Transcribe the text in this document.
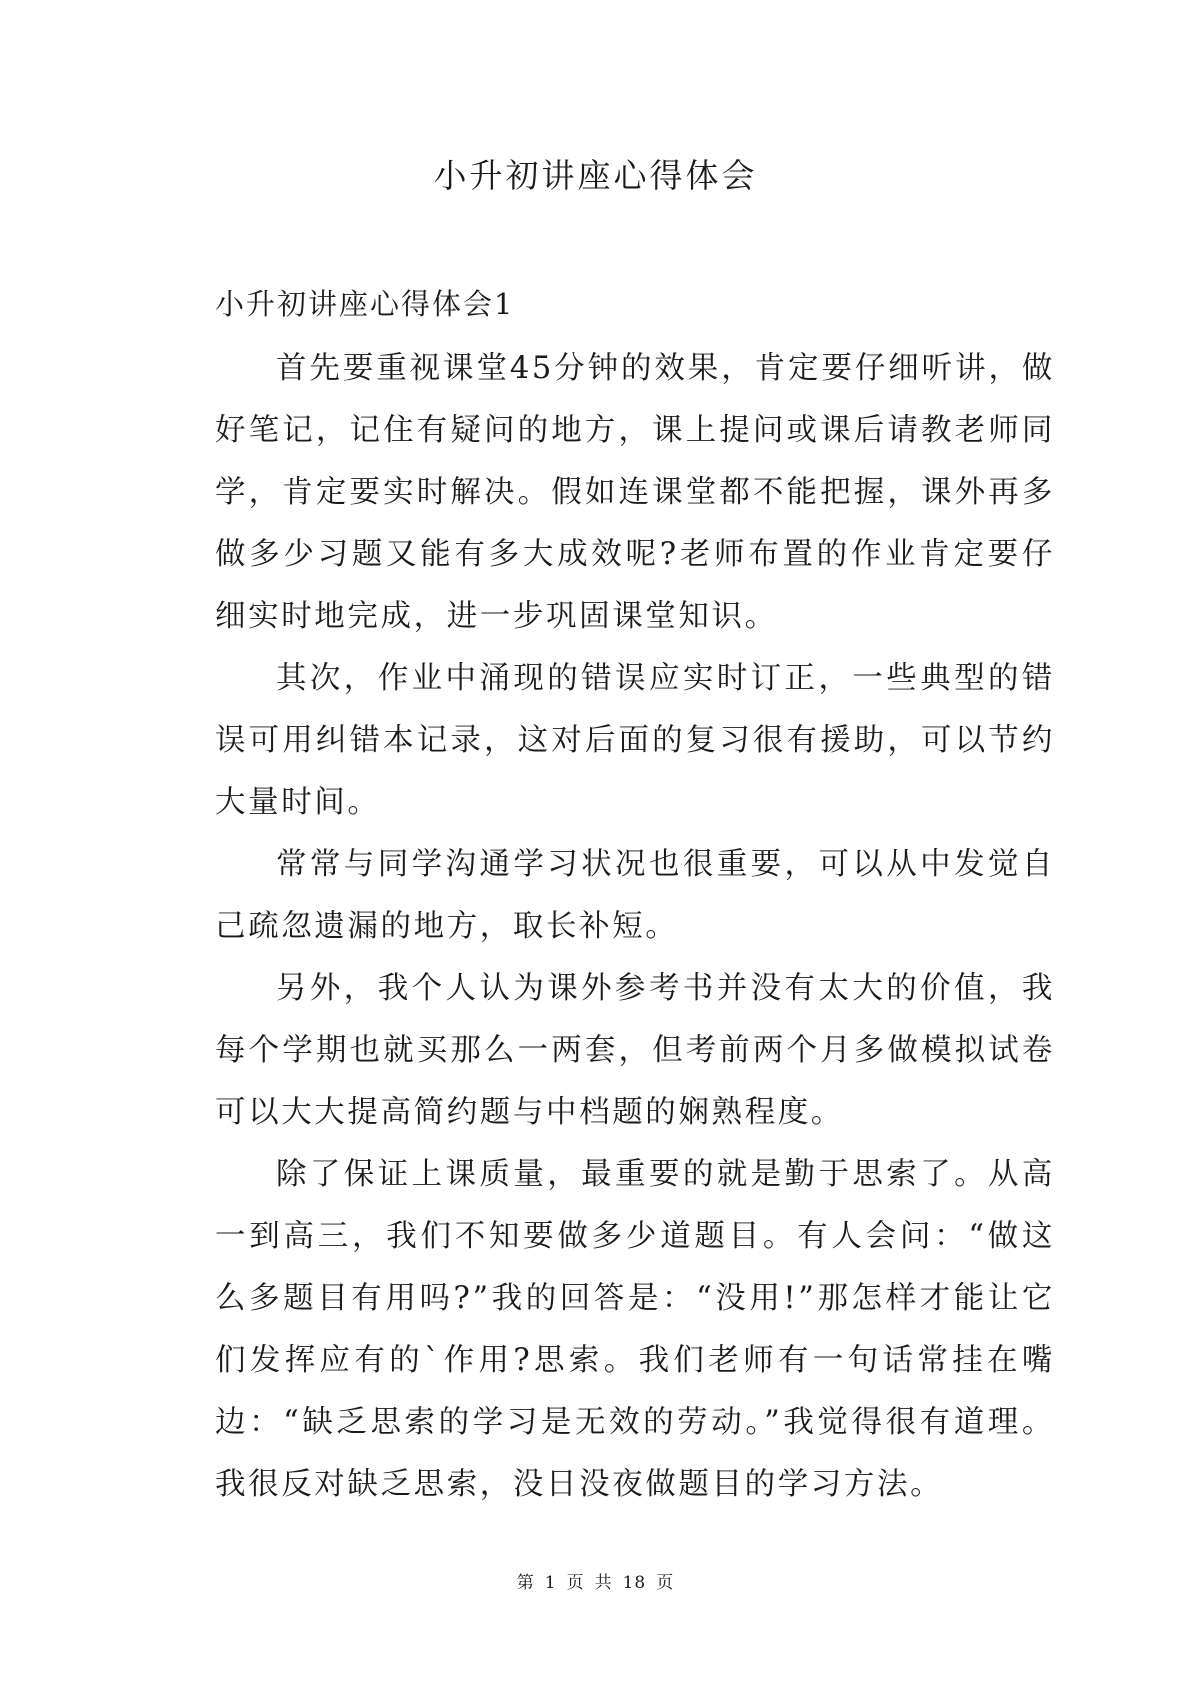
小升初讲座心得体会
小升初讲座心得体会1

首先要重视课堂45分钟的效果，肯定要仔细听讲，做好笔记，记住有疑问的地方，课上提问或课后请教老师同学，肯定要实时解决。假如连课堂都不能把握，课外再多做多少习题又能有多大成效呢?老师布置的作业肯定要仔细实时地完成，进一步巩固课堂知识。

其次，作业中涌现的错误应实时订正，一些典型的错误可用纠错本记录，这对后面的复习很有援助，可以节约大量时间。

常常与同学沟通学习状况也很重要，可以从中发觉自己疏忽遗漏的地方，取长补短。

另外，我个人认为课外参考书并没有太大的价值，我每个学期也就买那么一两套，但考前两个月多做模拟试卷可以大大提高简约题与中档题的娴熟程度。

除了保证上课质量，最重要的就是勤于思索了。从高一到高三，我们不知要做多少道题目。有人会问：“做这么多题目有用吗?”我的回答是：“没用!”那怎样才能让它们发挥应有的`作用?思索。我们老师有一句话常挂在嘴边：“缺乏思索的学习是无效的劳动。”我觉得很有道理。我很反对缺乏思索，没日没夜做题目的学习方法。

第 1 页 共 18 页
